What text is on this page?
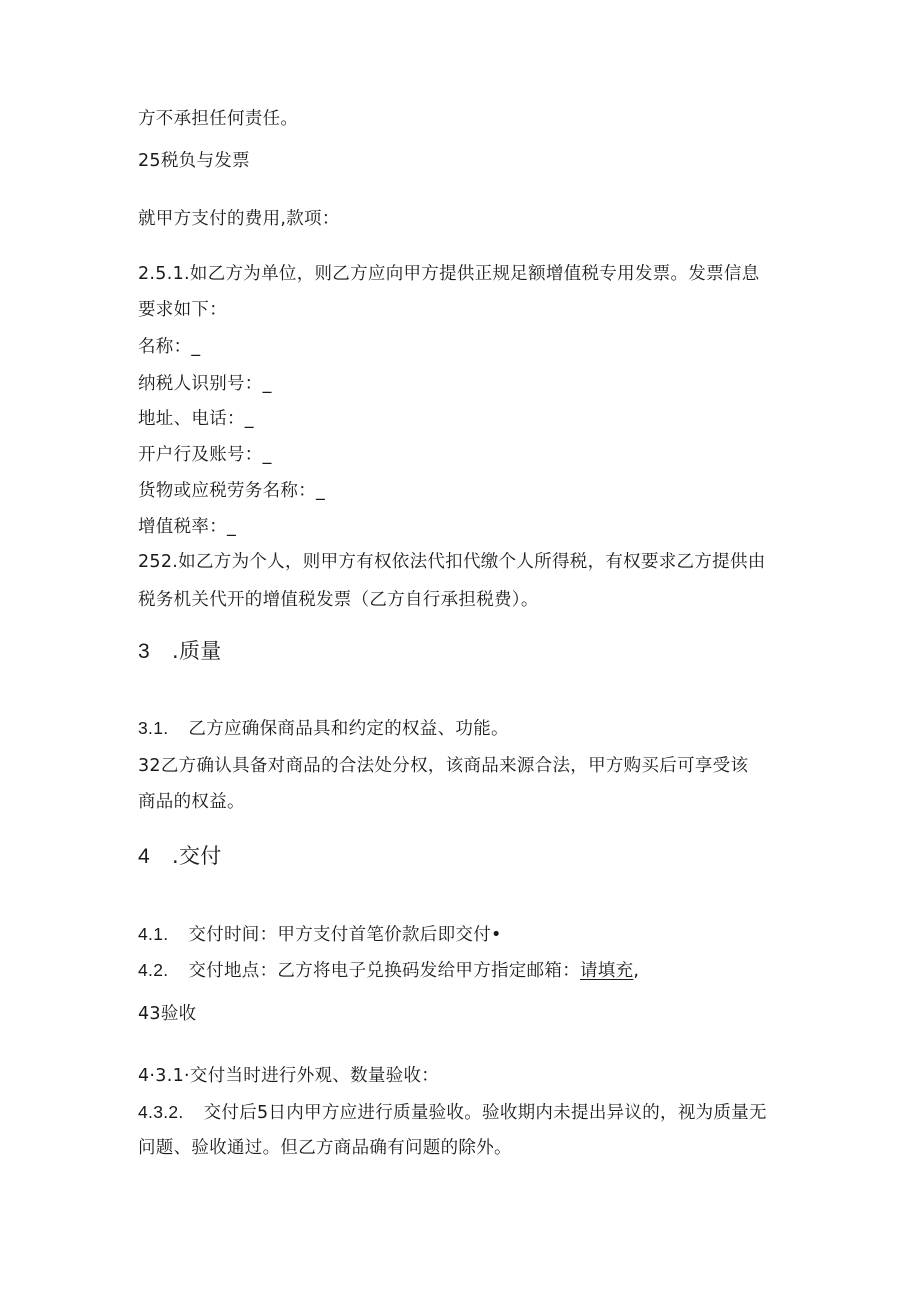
方不承担任何责任。
25税负与发票
就甲方支付的费用,款项：
2.5.1.如乙方为单位，则乙方应向甲方提供正规足额增值税专用发票。发票信息
要求如下：
名称：_
纳税人识别号：_
地址、电话：_
开户行及账号：_
货物或应税劳务名称：_
增值税率：_
252.如乙方为个人，则甲方有权依法代扣代缴个人所得税，有权要求乙方提供由
税务机关代开的增值税发票（乙方自行承担税费）。
3 .质量
3.1. 乙方应确保商品具和约定的权益、功能。
32乙方确认具备对商品的合法处分权，该商品来源合法，甲方购买后可享受该
商品的权益。
4 .交付
4.1. 交付时间：甲方支付首笔价款后即交付•
4.2. 交付地点：乙方将电子兑换码发给甲方指定邮箱：请填充,
43验收
4·3.1·交付当时进行外观、数量验收：
4.3.2. 交付后5日内甲方应进行质量验收。验收期内未提出异议的，视为质量无
问题、验收通过。但乙方商品确有问题的除外。
